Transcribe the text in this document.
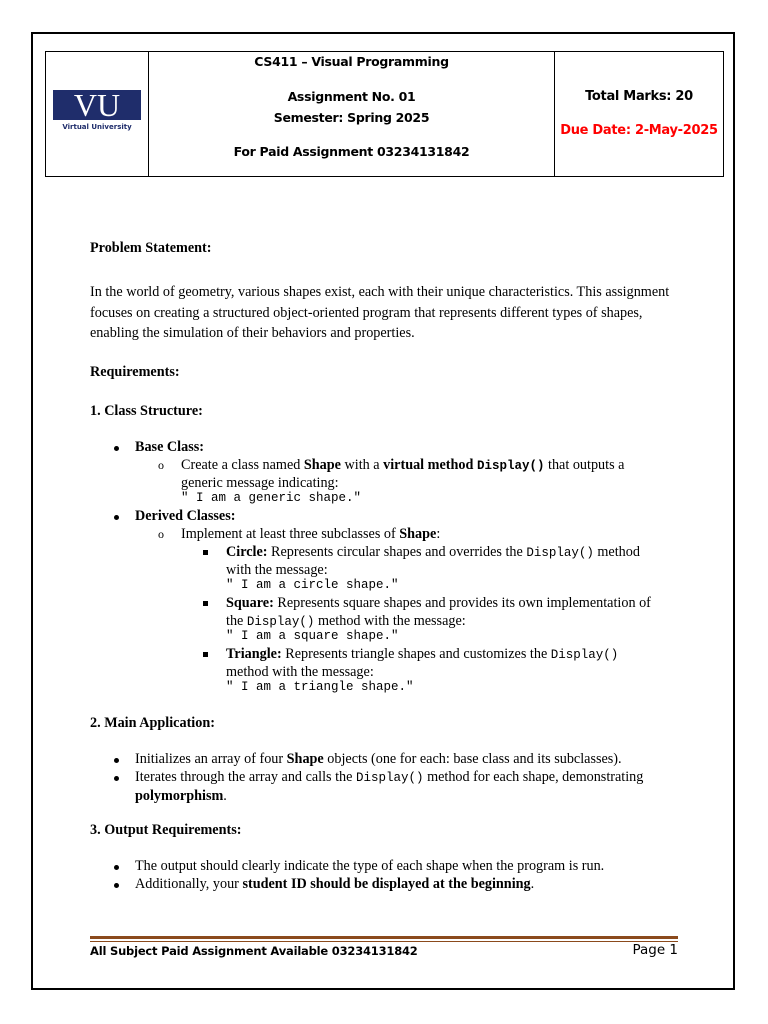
VU
Virtual University
CS411 – Visual Programming
Assignment No. 01
Semester: Spring 2025
For Paid Assignment 03234131842
Total Marks: 20
Due Date: 2-May-2025
Problem Statement:
In the world of geometry, various shapes exist, each with their unique characteristics. This assignment
focuses on creating a structured object-oriented program that represents different types of shapes,
enabling the simulation of their behaviors and properties.
Requirements:
1. Class Structure:
Base Class:
o Create a class named Shape with a virtual method Display() that outputs a
generic message indicating:
" I am a generic shape."
Derived Classes:
o Implement at least three subclasses of Shape:
Circle: Represents circular shapes and overrides the Display() method
with the message:
" I am a circle shape."
Square: Represents square shapes and provides its own implementation of
the Display() method with the message:
" I am a square shape."
Triangle: Represents triangle shapes and customizes the Display()
method with the message:
" I am a triangle shape."
2. Main Application:
Initializes an array of four Shape objects (one for each: base class and its subclasses).
Iterates through the array and calls the Display() method for each shape, demonstrating
polymorphism.
3. Output Requirements:
The output should clearly indicate the type of each shape when the program is run.
Additionally, your student ID should be displayed at the beginning.
All Subject Paid Assignment Available 03234131842	Page 1
